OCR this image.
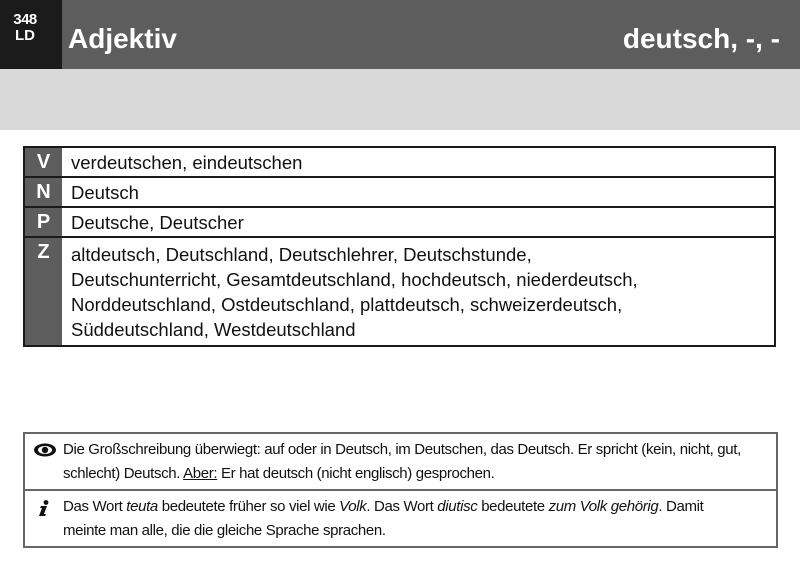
348
LD	Adjektiv	deutsch, -, -
V	verdeutschen, eindeutschen
N	Deutsch
P	Deutsche, Deutscher
Z	altdeutsch, Deutschland, Deutschlehrer, Deutschstunde,
Deutschunterricht, Gesamtdeutschland, hochdeutsch, niederdeutsch,
Norddeutschland, Ostdeutschland, plattdeutsch, schweizerdeutsch,
Süddeutschland, Westdeutschland
Die Großschreibung überwiegt: auf oder in Deutsch, im Deutschen, das Deutsch. Er spricht (kein, nicht, gut,
schlecht) Deutsch. Aber: Er hat deutsch (nicht englisch) gesprochen.
Das Wort teuta bedeutete früher so viel wie Volk. Das Wort diutisc bedeutete zum Volk gehörig. Damit
meinte man alle, die die gleiche Sprache sprachen.
